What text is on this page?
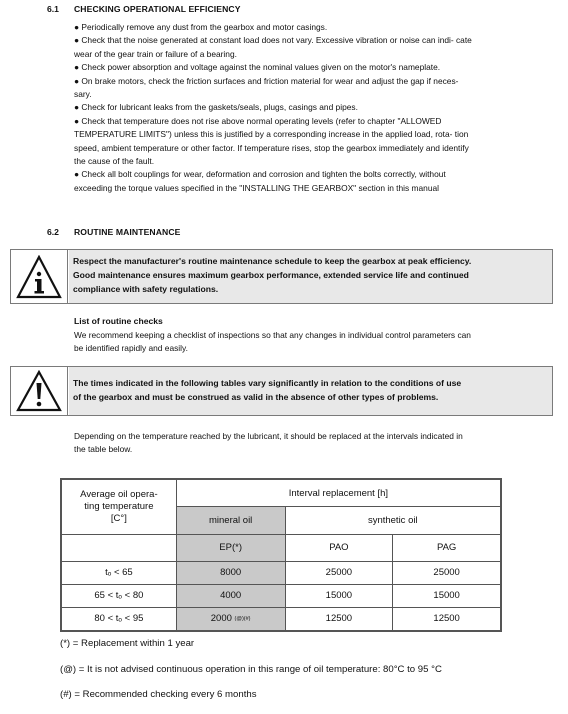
6.1 CHECKING OPERATIONAL EFFICIENCY

● Periodically remove any dust from the gearbox and motor casings.

● Check that the noise generated at constant load does not vary. Excessive vibration or noise can indi- cate

wear of the gear train or failure of a bearing.

● Check power absorption and voltage against the nominal values given on the motor's nameplate.

● On brake motors, check the friction surfaces and friction material for wear and adjust the gap if neces-

sary.

● Check for lubricant leaks from the gaskets/seals, plugs, casings and pipes.

● Check that temperature does not rise above normal operating levels (refer to chapter "ALLOWED

TEMPERATURE LIMITS") unless this is justified by a corresponding increase in the applied load, rota- tion

speed, ambient temperature or other factor. If temperature rises, stop the gearbox immediately and identify

the cause of the fault.

● Check all bolt couplings for wear, deformation and corrosion and tighten the bolts correctly, without

exceeding the torque values specified in the "INSTALLING THE GEARBOX" section in this manual

6.2 ROUTINE MAINTENANCE
Respect the manufacturer's routine maintenance schedule to keep the gearbox at peak efficiency.
Good maintenance ensures maximum gearbox performance, extended service life and continued
compliance with safety regulations.
List of routine checks
We recommend keeping a checklist of inspections so that any changes in individual control parameters can
be identified rapidly and easily.
The times indicated in the following tables vary significantly in relation to the conditions of use
of the gearbox and must be construed as valid in the absence of other types of problems.
Depending on the temperature reached by the lubricant, it should be replaced at the intervals indicated in
the table below.
Average oil opera-
ting temperature
[C°]	Interval replacement [h]		
	mineral oil	synthetic oil	
	EP(*)	PAO	PAG
tₒ < 65	8000	25000	25000
65 < tₒ < 80	4000	15000	15000
80 < tₒ < 95	2000 (@)(#)	12500	12500
(*) = Replacement within 1 year
(@) = It is not advised continuous operation in this range of oil temperature: 80°C to 95 °C
(#) = Recommended checking every 6 months
